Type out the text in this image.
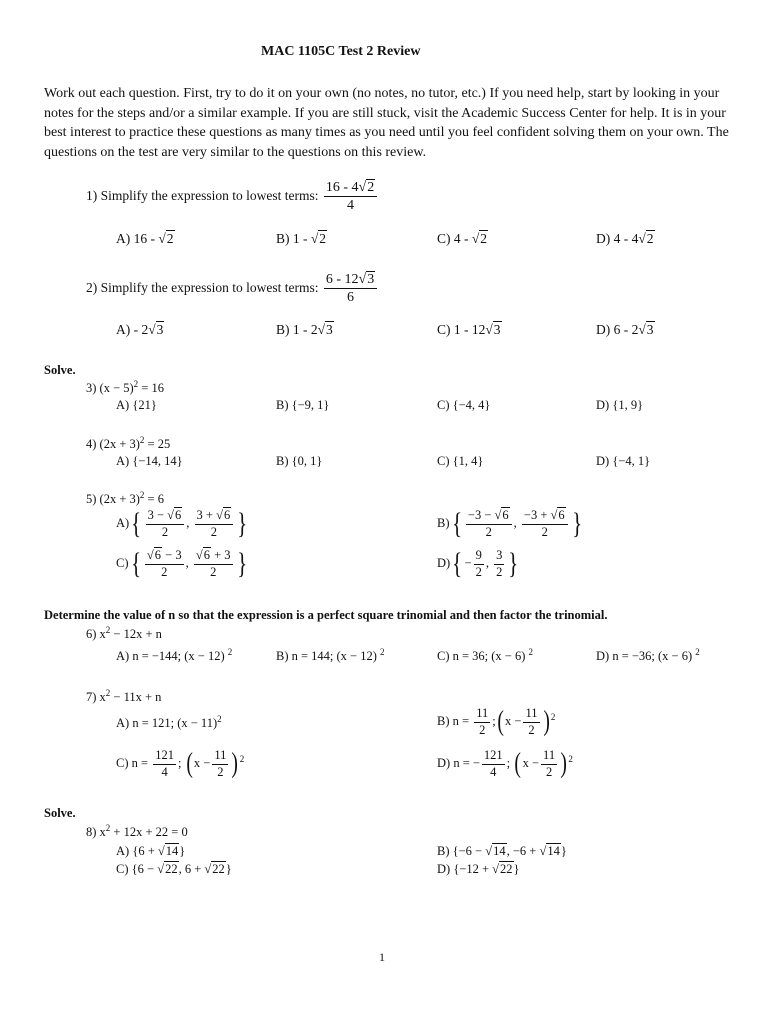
MAC 1105C Test 2 Review
Work out each question. First, try to do it on your own (no notes, no tutor, etc.) If you need help, start by looking in your notes for the steps and/or a similar example. If you are still stuck, visit the Academic Success Center for help. It is in your best interest to practice these questions as many times as you need until you feel confident solving them on your own. The questions on the test are very similar to the questions on this review.
1) Simplify the expression to lowest terms: $\frac{16 - 4√2}{4}$
A) 16 - √2	B) 1 - √2	C) 4 - √2	D) 4 - 4√2
2) Simplify the expression to lowest terms: $\frac{6 - 12√3}{6}$
A) - 2√3	B) 1 - 2√3	C) 1 - 12√3	D) 6 - 2√3
Solve.
3) $(x - 5)^2 = 16$
A) {21}	B) {−9, 1}	C) {−4, 4}	D) {1, 9}
4) $(2x + 3)^2 = 25$
A) {−14, 14}	B) {0, 1}	C) {1, 4}	D) {−4, 1}
5) $(2x + 3)^2 = 6$
$A)\{ \frac{3 - √6}{2}$ , $\frac{3 + √6}{2}$ }	$B)\{ \frac{-3 - √6}{2}$ , $\frac{-3 + √6}{2}$ }
$C)\{ \frac{√6 - 3}{2}$ , $\frac{√6 + 3}{2}$ }	$D)\{ - \frac{9}{2}$ , $\frac{3}{2}$ }
Determine the value of n so that the expression is a perfect square trinomial and then factor the trinomial.
6) $x^2 - 12x + n$
A) n = −144; (x − 12) $^2$	B) n = 144; (x − 12) $^2$	C) n = 36; (x − 6) $^2$	D) n = −36; (x − 6) $^2$
7) $x^2 - 11x + n$
A) n = 121; $(x - 11)^2$	B) $n = \frac{11}{2}$ ;(x − $\frac{11}{2} )^2$
C) $n = \frac{121}{4}$ ; $(x - \frac{11}{2} )^2$	D) n = − $\frac{121}{4}$ ; $(x - \frac{11}{2} )^2$
Solve.
8) $x^2 + 12x + 22 = 0$
A) {6 + √14}	B) {−6 − √14, −6 + √14}
C) {6 − √22, 6 + √22}	D) {−12 + √22}
1
